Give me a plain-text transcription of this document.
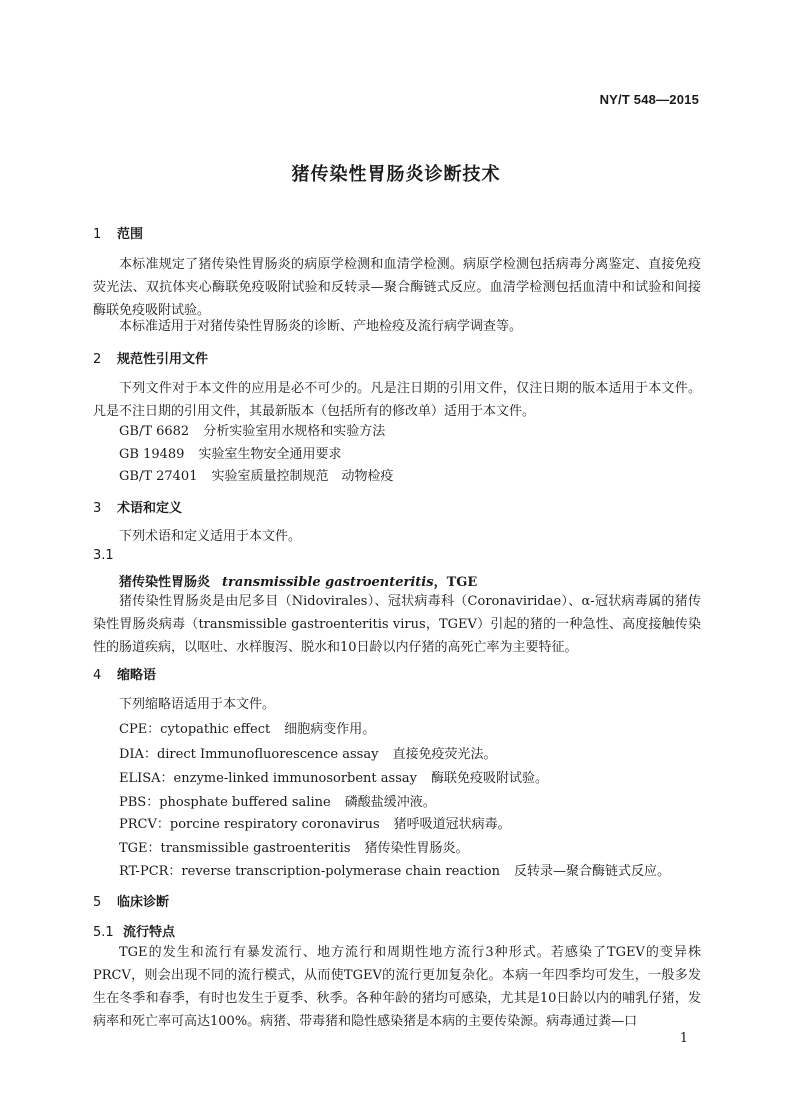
NY/T 548—2015
猪传染性胃肠炎诊断技术
1 范围
本标准规定了猪传染性胃肠炎的病原学检测和血清学检测。病原学检测包括病毒分离鉴定、直接免疫荧光法、双抗体夹心酶联免疫吸附试验和反转录—聚合酶链式反应。血清学检测包括血清中和试验和间接酶联免疫吸附试验。
本标准适用于对猪传染性胃肠炎的诊断、产地检疫及流行病学调查等。
2 规范性引用文件
下列文件对于本文件的应用是必不可少的。凡是注日期的引用文件，仅注日期的版本适用于本文件。凡是不注日期的引用文件，其最新版本（包括所有的修改单）适用于本文件。
GB/T 6682 分析实验室用水规格和实验方法
GB 19489 实验室生物安全通用要求
GB/T 27401 实验室质量控制规范　动物检疫
3 术语和定义
下列术语和定义适用于本文件。
3.1
猪传染性胃肠炎 transmissible gastroenteritis，TGE
猪传染性胃肠炎是由尼多目（Nidovirales）、冠状病毒科（Coronaviridae）、α-冠状病毒属的猪传染性胃肠炎病毒（transmissible gastroenteritis virus，TGEV）引起的猪的一种急性、高度接触传染性的肠道疾病，以呕吐、水样腹泻、脱水和10日龄以内仔猪的高死亡率为主要特征。
4 缩略语
下列缩略语适用于本文件。
CPE：cytopathic effect 细胞病变作用。
DIA：direct Immunofluorescence assay 直接免疫荧光法。
ELISA：enzyme-linked immunosorbent assay 酶联免疫吸附试验。
PBS：phosphate buffered saline 磷酸盐缓冲液。
PRCV：porcine respiratory coronavirus 猪呼吸道冠状病毒。
TGE：transmissible gastroenteritis 猪传染性胃肠炎。
RT-PCR：reverse transcription-polymerase chain reaction 反转录—聚合酶链式反应。
5 临床诊断
5.1 流行特点
TGE的发生和流行有暴发流行、地方流行和周期性地方流行3种形式。若感染了TGEV的变异株PRCV，则会出现不同的流行模式，从而使TGEV的流行更加复杂化。本病一年四季均可发生，一般多发生在冬季和春季，有时也发生于夏季、秋季。各种年龄的猪均可感染，尤其是10日龄以内的哺乳仔猪，发病率和死亡率可高达100%。病猪、带毒猪和隐性感染猪是本病的主要传染源。病毒通过粪—口
1
